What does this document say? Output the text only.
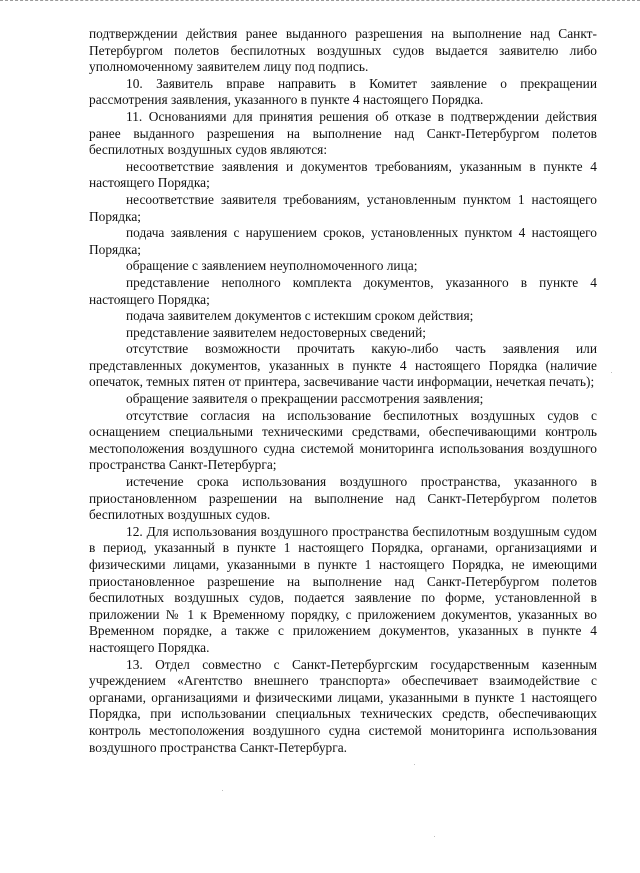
подтверждении действия ранее выданного разрешения на выполнение над Санкт-Петербургом полетов беспилотных воздушных судов выдается заявителю либо уполномоченному заявителем лицу под подпись.

10. Заявитель вправе направить в Комитет заявление о прекращении рассмотрения заявления, указанного в пункте 4 настоящего Порядка.

11. Основаниями для принятия решения об отказе в подтверждении действия ранее выданного разрешения на выполнение над Санкт-Петербургом полетов беспилотных воздушных судов являются:

несоответствие заявления и документов требованиям, указанным в пункте 4 настоящего Порядка;

несоответствие заявителя требованиям, установленным пунктом 1 настоящего Порядка;

подача заявления с нарушением сроков, установленных пунктом 4 настоящего Порядка;

обращение с заявлением неуполномоченного лица;

представление неполного комплекта документов, указанного в пункте 4 настоящего Порядка;

подача заявителем документов с истекшим сроком действия;

представление заявителем недостоверных сведений;

отсутствие возможности прочитать какую-либо часть заявления или представленных документов, указанных в пункте 4 настоящего Порядка (наличие опечаток, темных пятен от принтера, засвечивание части информации, нечеткая печать);

обращение заявителя о прекращении рассмотрения заявления;

отсутствие согласия на использование беспилотных воздушных судов с оснащением специальными техническими средствами, обеспечивающими контроль местоположения воздушного судна системой мониторинга использования воздушного пространства Санкт-Петербурга;

истечение срока использования воздушного пространства, указанного в приостановленном разрешении на выполнение над Санкт-Петербургом полетов беспилотных воздушных судов.

12. Для использования воздушного пространства беспилотным воздушным судом в период, указанный в пункте 1 настоящего Порядка, органами, организациями и физическими лицами, указанными в пункте 1 настоящего Порядка, не имеющими приостановленное разрешение на выполнение над Санкт-Петербургом полетов беспилотных воздушных судов, подается заявление по форме, установленной в приложении № 1 к Временному порядку, с приложением документов, указанных во Временном порядке, а также с приложением документов, указанных в пункте 4 настоящего Порядка.

13. Отдел совместно с Санкт-Петербургским государственным казенным учреждением «Агентство внешнего транспорта» обеспечивает взаимодействие с органами, организациями и физическими лицами, указанными в пункте 1 настоящего Порядка, при использовании специальных технических средств, обеспечивающих контроль местоположения воздушного судна системой мониторинга использования воздушного пространства Санкт-Петербурга.
